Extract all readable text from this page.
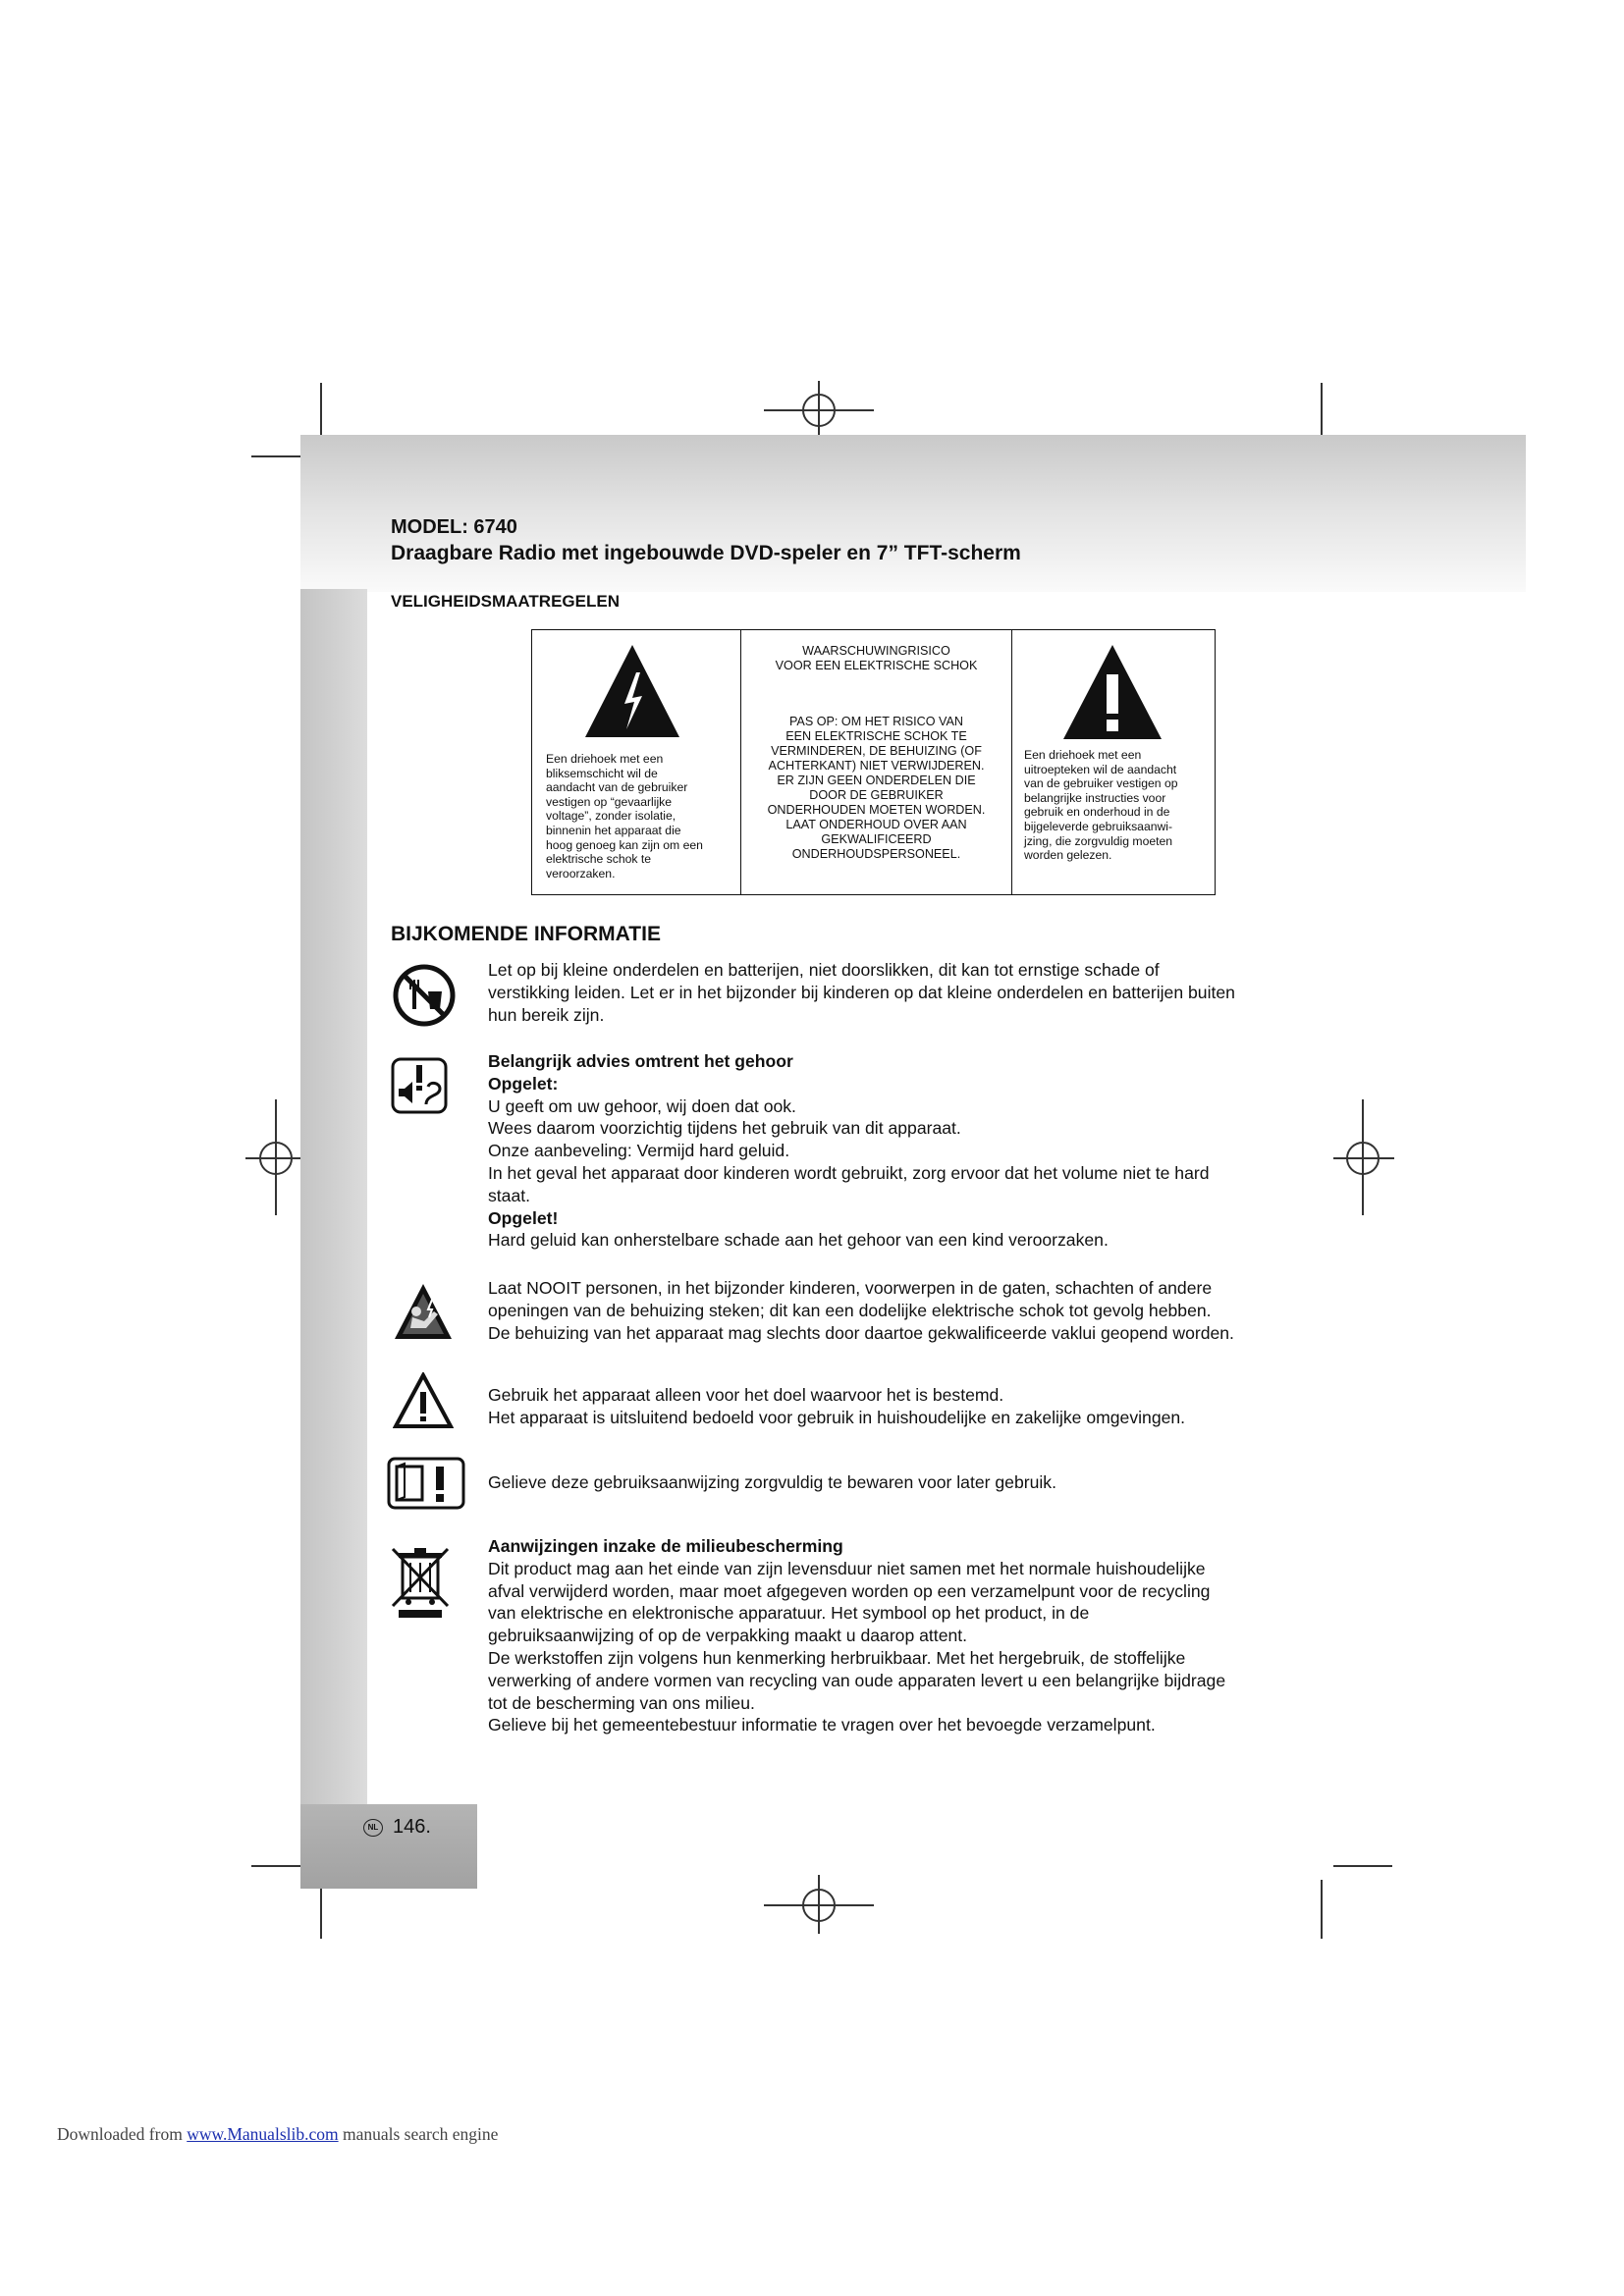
NL 146.
MODEL: 6740
Draagbare Radio met ingebouwde DVD-speler en 7” TFT-scherm
VELIGHEIDSMAATREGELEN
Een driehoek met een
bliksemschicht wil de
aandacht van de gebruiker
vestigen op “gevaarlijke
voltage”, zonder isolatie,
binnenin het apparaat die
hoog genoeg kan zijn om een
elektrische schok te
veroorzaken.
WAARSCHUWINGRISICO
VOOR EEN ELEKTRISCHE SCHOK
PAS OP: OM HET RISICO VAN
EEN ELEKTRISCHE SCHOK TE
VERMINDEREN, DE BEHUIZING (OF
ACHTERKANT) NIET VERWIJDEREN.
ER ZIJN GEEN ONDERDELEN DIE
DOOR DE GEBRUIKER
ONDERHOUDEN MOETEN WORDEN.
LAAT ONDERHOUD OVER AAN
GEKWALIFICEERD
ONDERHOUDSPERSONEEL.
Een driehoek met een
uitroepteken wil de aandacht
van de gebruiker vestigen op
belangrijke instructies voor
gebruik en onderhoud in de
bijgeleverde gebruiksaanwi-
jzing, die zorgvuldig moeten
worden gelezen.
BIJKOMENDE INFORMATIE
Let op bij kleine onderdelen en batterijen, niet doorslikken, dit kan tot ernstige schade of
verstikking leiden. Let er in het bijzonder bij kinderen op dat kleine onderdelen en batterijen buiten
hun bereik zijn.
Belangrijk advies omtrent het gehoor
Opgelet:
U geeft om uw gehoor, wij doen dat ook.
Wees daarom voorzichtig tijdens het gebruik van dit apparaat.
Onze aanbeveling: Vermijd hard geluid.
In het geval het apparaat door kinderen wordt gebruikt, zorg ervoor dat het volume niet te hard
staat.
Opgelet!
Hard geluid kan onherstelbare schade aan het gehoor van een kind veroorzaken.
Laat NOOIT personen, in het bijzonder kinderen, voorwerpen in de gaten, schachten of andere
openingen van de behuizing steken; dit kan een dodelijke elektrische schok tot gevolg hebben.
De behuizing van het apparaat mag slechts door daartoe gekwalificeerde vaklui geopend worden.
Gebruik het apparaat alleen voor het doel waarvoor het is bestemd.
Het apparaat is uitsluitend bedoeld voor gebruik in huishoudelijke en zakelijke omgevingen.
Gelieve deze gebruiksaanwijzing zorgvuldig te bewaren voor later gebruik.
Aanwijzingen inzake de milieubescherming
Dit product mag aan het einde van zijn levensduur niet samen met het normale huishoudelijke
afval verwijderd worden, maar moet afgegeven worden op een verzamelpunt voor de recycling
van elektrische en elektronische apparatuur. Het symbool op het product, in de
gebruiksaanwijzing of op de verpakking maakt u daarop attent.
De werkstoffen zijn volgens hun kenmerking herbruikbaar. Met het hergebruik, de stoffelijke
verwerking of andere vormen van recycling van oude apparaten levert u een belangrijke bijdrage
tot de bescherming van ons milieu.
Gelieve bij het gemeentebestuur informatie te vragen over het bevoegde verzamelpunt.
Downloaded from www.Manualslib.com manuals search engine
